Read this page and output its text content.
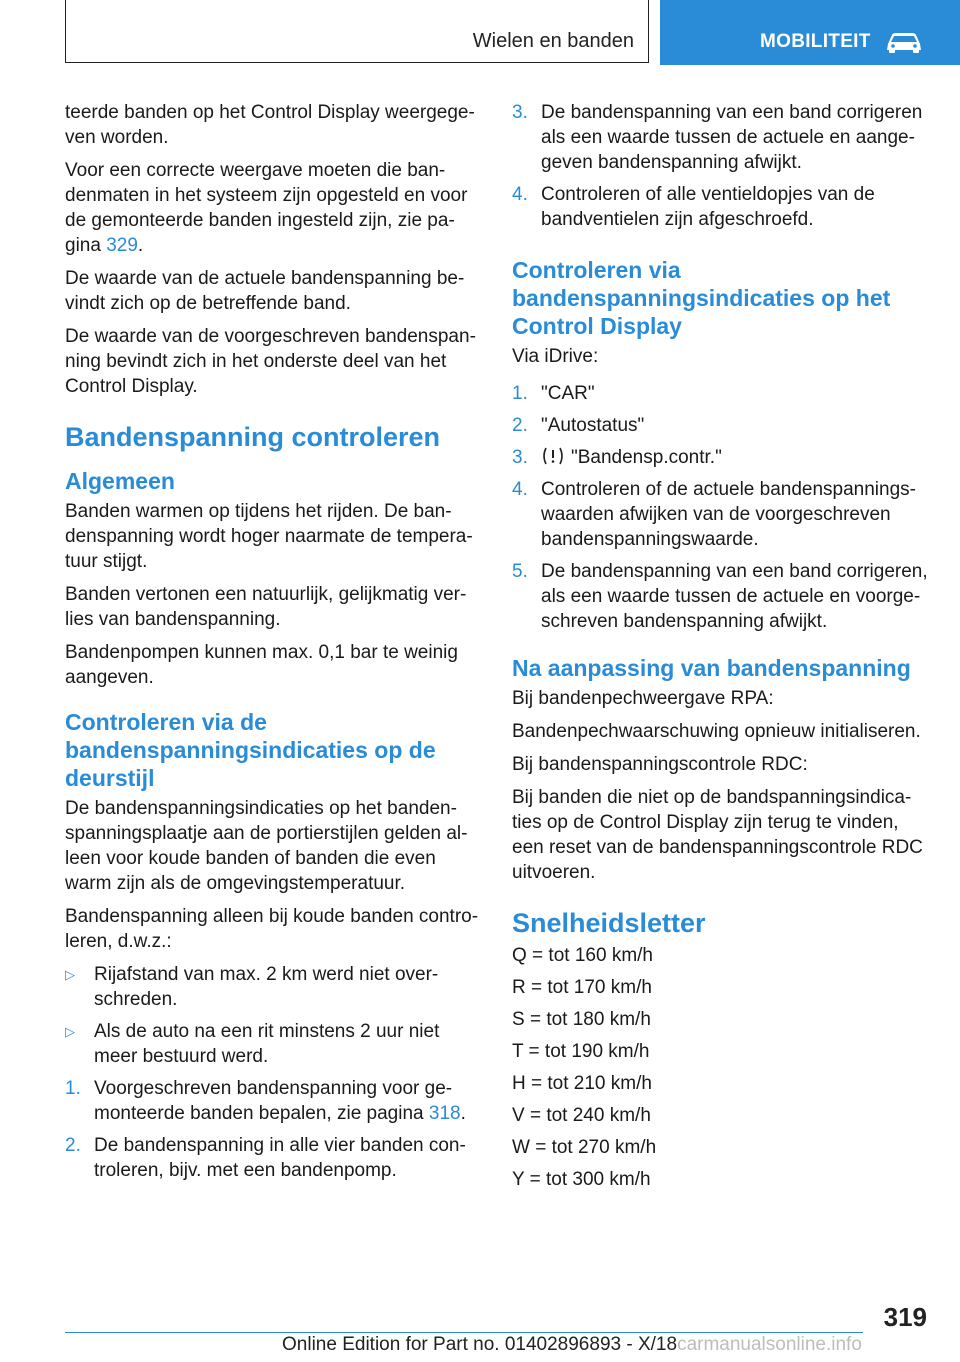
Wielen en banden	MOBILITEIT

teerde banden op het Control Display weergegeven worden.

Voor een correcte weergave moeten die bandenmaten in het systeem zijn opgesteld en voor de gemonteerde banden ingesteld zijn, zie pagina 329.

De waarde van de actuele bandenspanning bevindt zich op de betreffende band.

De waarde van de voorgeschreven bandenspanning bevindt zich in het onderste deel van het Control Display.

Bandenspanning controleren
Algemeen

Banden warmen op tijdens het rijden. De bandenspanning wordt hoger naarmate de temperatuur stijgt.

Banden vertonen een natuurlijk, gelijkmatig verlies van bandenspanning.

Bandenpompen kunnen max. 0,1 bar te weinig aangeven.

Controleren via de bandenspanningsindicaties op de deurstijl

De bandenspanningsindicaties op het bandenspanningsplaatje aan de portierstijlen gelden alleen voor koude banden of banden die even warm zijn als de omgevingstemperatuur.

Bandenspanning alleen bij koude banden controleren, d.w.z.:

▷ Rijafstand van max. 2 km werd niet overschreden.
▷ Als de auto na een rit minstens 2 uur niet meer bestuurd werd.
1. Voorgeschreven bandenspanning voor gemonteerde banden bepalen, zie pagina 318.
2. De bandenspanning in alle vier banden controleren, bijv. met een bandenpomp.
3. De bandenspanning van een band corrigeren als een waarde tussen de actuele en aangegeven bandenspanning afwijkt.
4. Controleren of alle ventieldopjes van de bandventielen zijn afgeschroefd.
Controleren via bandenspanningsindicaties op het Control Display

Via iDrive:

1. "CAR"
2. "Autostatus"
3. "Bandensp.contr."
4. Controleren of de actuele bandenspanningswaarden afwijken van de voorgeschreven bandenspanningswaarde.
5. De bandenspanning van een band corrigeren, als een waarde tussen de actuele en voorgeschreven bandenspanning afwijkt.
Na aanpassing van bandenspanning

Bij bandenpechweergave RPA:

Bandenpechwaarschuwing opnieuw initialiseren.

Bij bandenspanningscontrole RDC:

Bij banden die niet op de bandspanningsindicaties op de Control Display zijn terug te vinden, een reset van de bandenspanningscontrole RDC uitvoeren.

Snelheidsletter
Q = tot 160 km/h
R = tot 170 km/h
S = tot 180 km/h
T = tot 190 km/h
H = tot 210 km/h
V = tot 240 km/h
W = tot 270 km/h
Y = tot 300 km/h
319
Online Edition for Part no. 01402896893 - X/18carmanualsonline.info
